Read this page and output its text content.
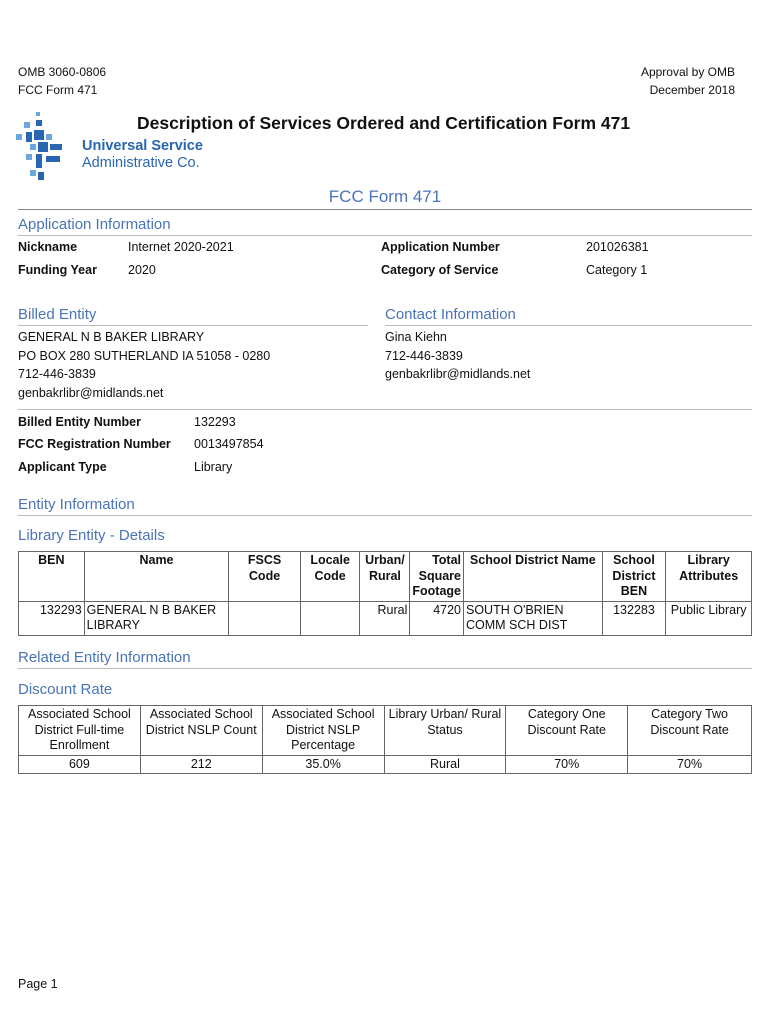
OMB 3060-0806
FCC Form 471
Approval by OMB
December 2018
Universal Service
Administrative Co.
Description of Services Ordered and Certification Form 471
FCC Form 471
Application Information
Nickname	Internet 2020-2021	Application Number	201026381
Funding Year 2020	Category of Service	Category 1
Billed Entity
GENERAL N B BAKER LIBRARY
PO BOX 280 SUTHERLAND IA 51058 - 0280
712-446-3839
genbakrlibr@midlands.net
Contact Information
Gina Kiehn
712-446-3839
genbakrlibr@midlands.net
Billed Entity Number	132293
FCC Registration Number 0013497854
Applicant Type	Library
Entity Information
Library Entity - Details
BEN	Name	FSCS Code	Locale Code	Urban/ Rural	Total Square Footage	School District Name	School District BEN	Library Attributes
132293	GENERAL N B BAKER LIBRARY			Rural	4720	SOUTH O'BRIEN COMM SCH DIST	132283	Public Library
Related Entity Information
Discount Rate
Associated School District Full-time Enrollment	Associated School District NSLP Count	Associated School District NSLP Percentage	Library Urban/ Rural Status	Category One Discount Rate	Category Two Discount Rate
609	212	35.0%	Rural	70%	70%
Page 1
